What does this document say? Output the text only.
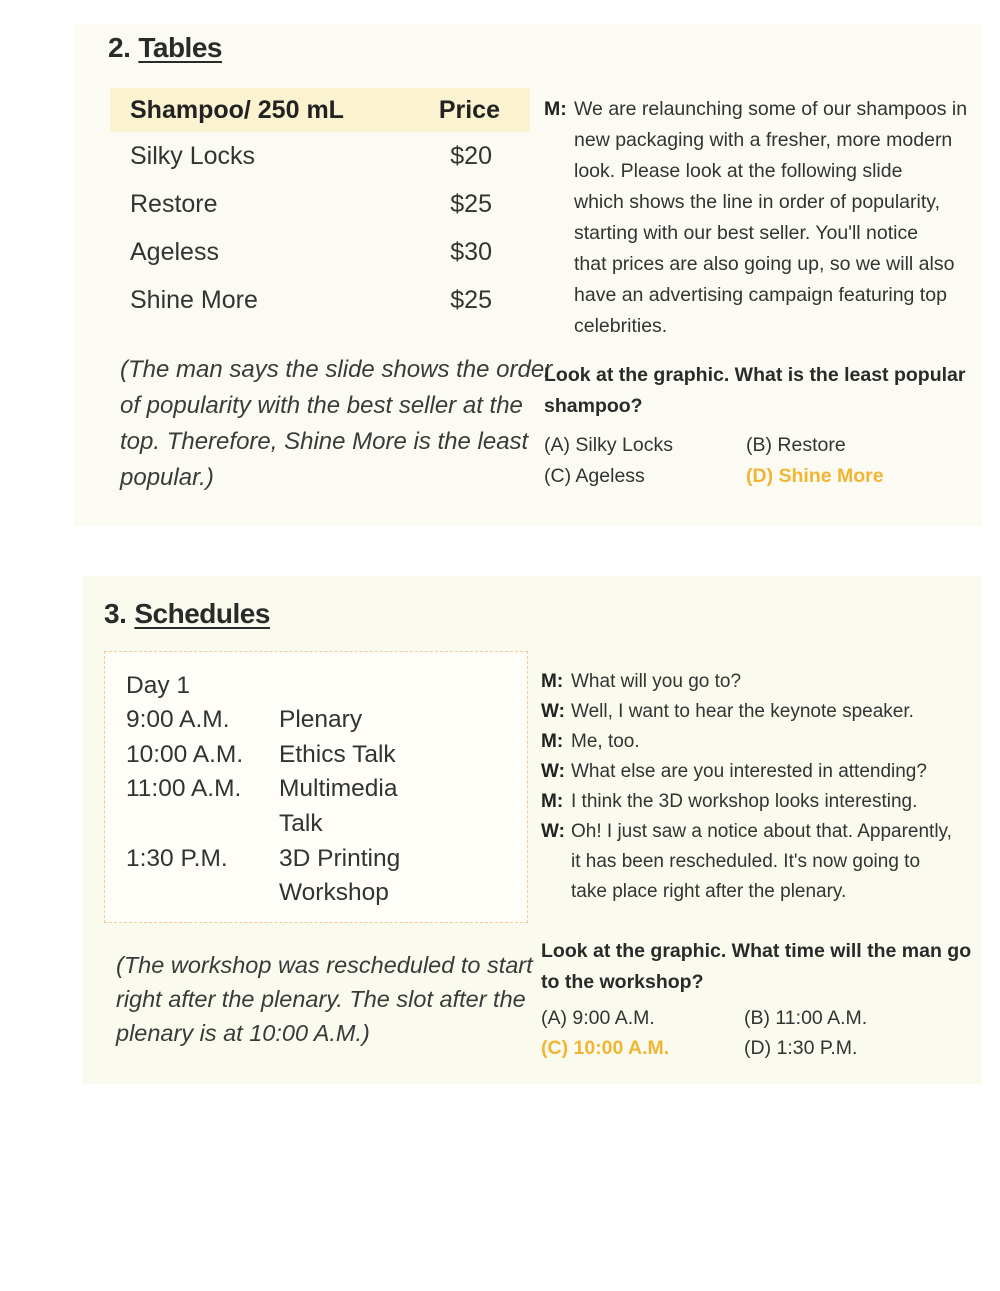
2. Tables
Shampoo/ 250 mL	Price
Silky Locks	$20
Restore	$25
Ageless	$30
Shine More	$25
(The man says the slide shows the order
of popularity with the best seller at the
top. Therefore, Shine More is the least
popular.)
M: We are relaunching some of our shampoos in
new packaging with a fresher, more modern
look. Please look at the following slide
which shows the line in order of popularity,
starting with our best seller. You'll notice
that prices are also going up, so we will also
have an advertising campaign featuring top
celebrities.
Look at the graphic. What is the least popular
shampoo?
(A) Silky Locks	(B) Restore
(C) Ageless	(D) Shine More
3. Schedules
Day 1
9:00 A.M. Plenary
10:00 A.M. Ethics Talk
11:00 A.M. Multimedia
Talk
1:30 P.M. 3D Printing
Workshop
(The workshop was rescheduled to start
right after the plenary. The slot after the
plenary is at 10:00 A.M.)
M: What will you go to?
W: Well, I want to hear the keynote speaker.
M: Me, too.
W: What else are you interested in attending?
M: I think the 3D workshop looks interesting.
W: Oh! I just saw a notice about that. Apparently,
it has been rescheduled. It's now going to
take place right after the plenary.
Look at the graphic. What time will the man go
to the workshop?
(A) 9:00 A.M.	(B) 11:00 A.M.
(C) 10:00 A.M.	(D) 1:30 P.M.
